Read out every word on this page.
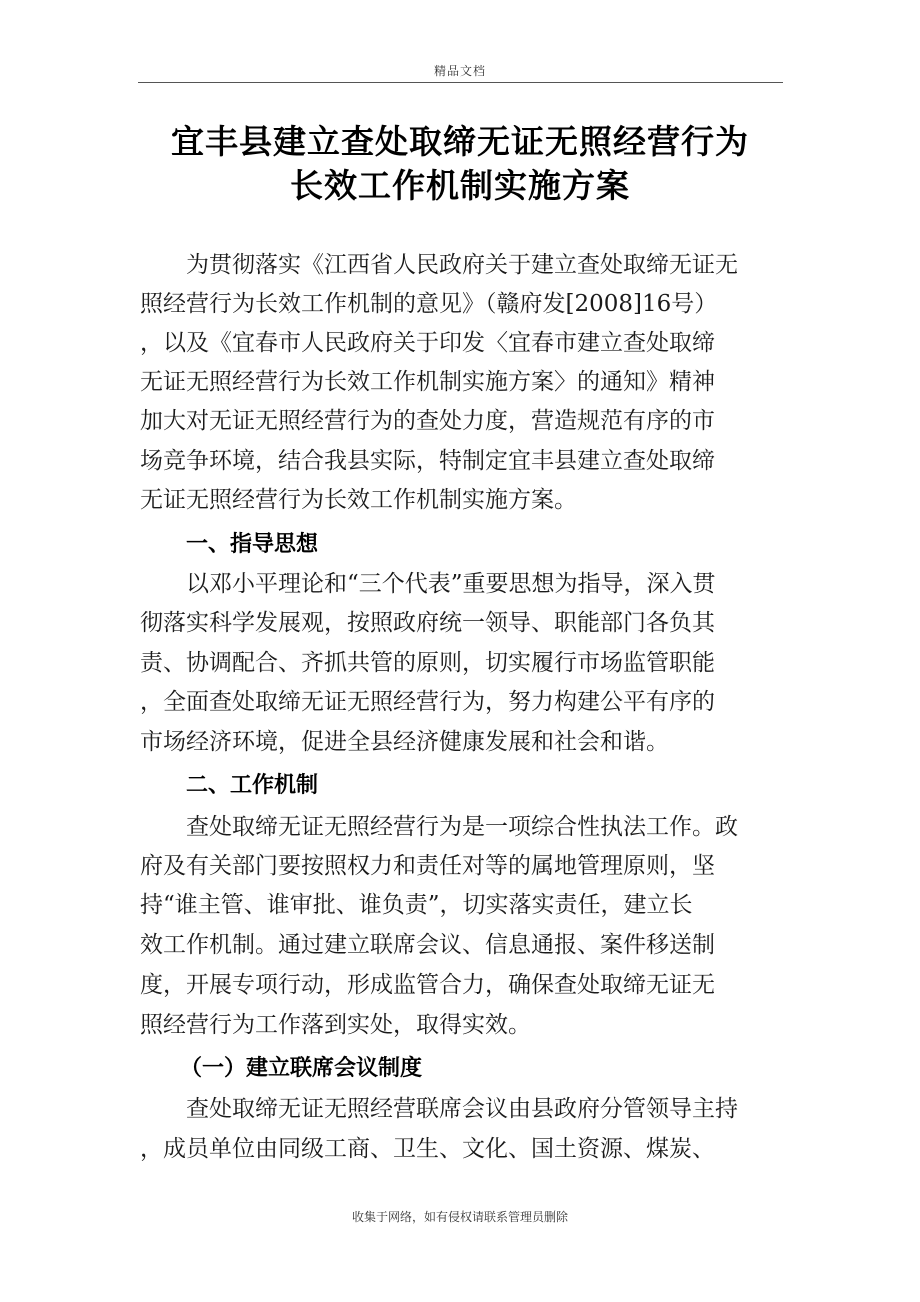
精品文档
宜丰县建立查处取缔无证无照经营行为
长效工作机制实施方案
为贯彻落实《江西省人民政府关于建立查处取缔无证无
照经营行为长效工作机制的意见》（赣府发[2008]16号）
，以及《宜春市人民政府关于印发〈宜春市建立查处取缔
无证无照经营行为长效工作机制实施方案〉的通知》精神
加大对无证无照经营行为的查处力度，营造规范有序的市
场竞争环境，结合我县实际，特制定宜丰县建立查处取缔
无证无照经营行为长效工作机制实施方案。
一、指导思想
以邓小平理论和“三个代表”重要思想为指导，深入贯
彻落实科学发展观，按照政府统一领导、职能部门各负其
责、协调配合、齐抓共管的原则，切实履行市场监管职能
，全面查处取缔无证无照经营行为，努力构建公平有序的
市场经济环境，促进全县经济健康发展和社会和谐。
二、工作机制
查处取缔无证无照经营行为是一项综合性执法工作。政
府及有关部门要按照权力和责任对等的属地管理原则，坚
持“谁主管、谁审批、谁负责”，切实落实责任，建立长
效工作机制。通过建立联席会议、信息通报、案件移送制
度，开展专项行动，形成监管合力，确保查处取缔无证无
照经营行为工作落到实处，取得实效。
（一）建立联席会议制度
查处取缔无证无照经营联席会议由县政府分管领导主持
，成员单位由同级工商、卫生、文化、国土资源、煤炭、
收集于网络，如有侵权请联系管理员删除
